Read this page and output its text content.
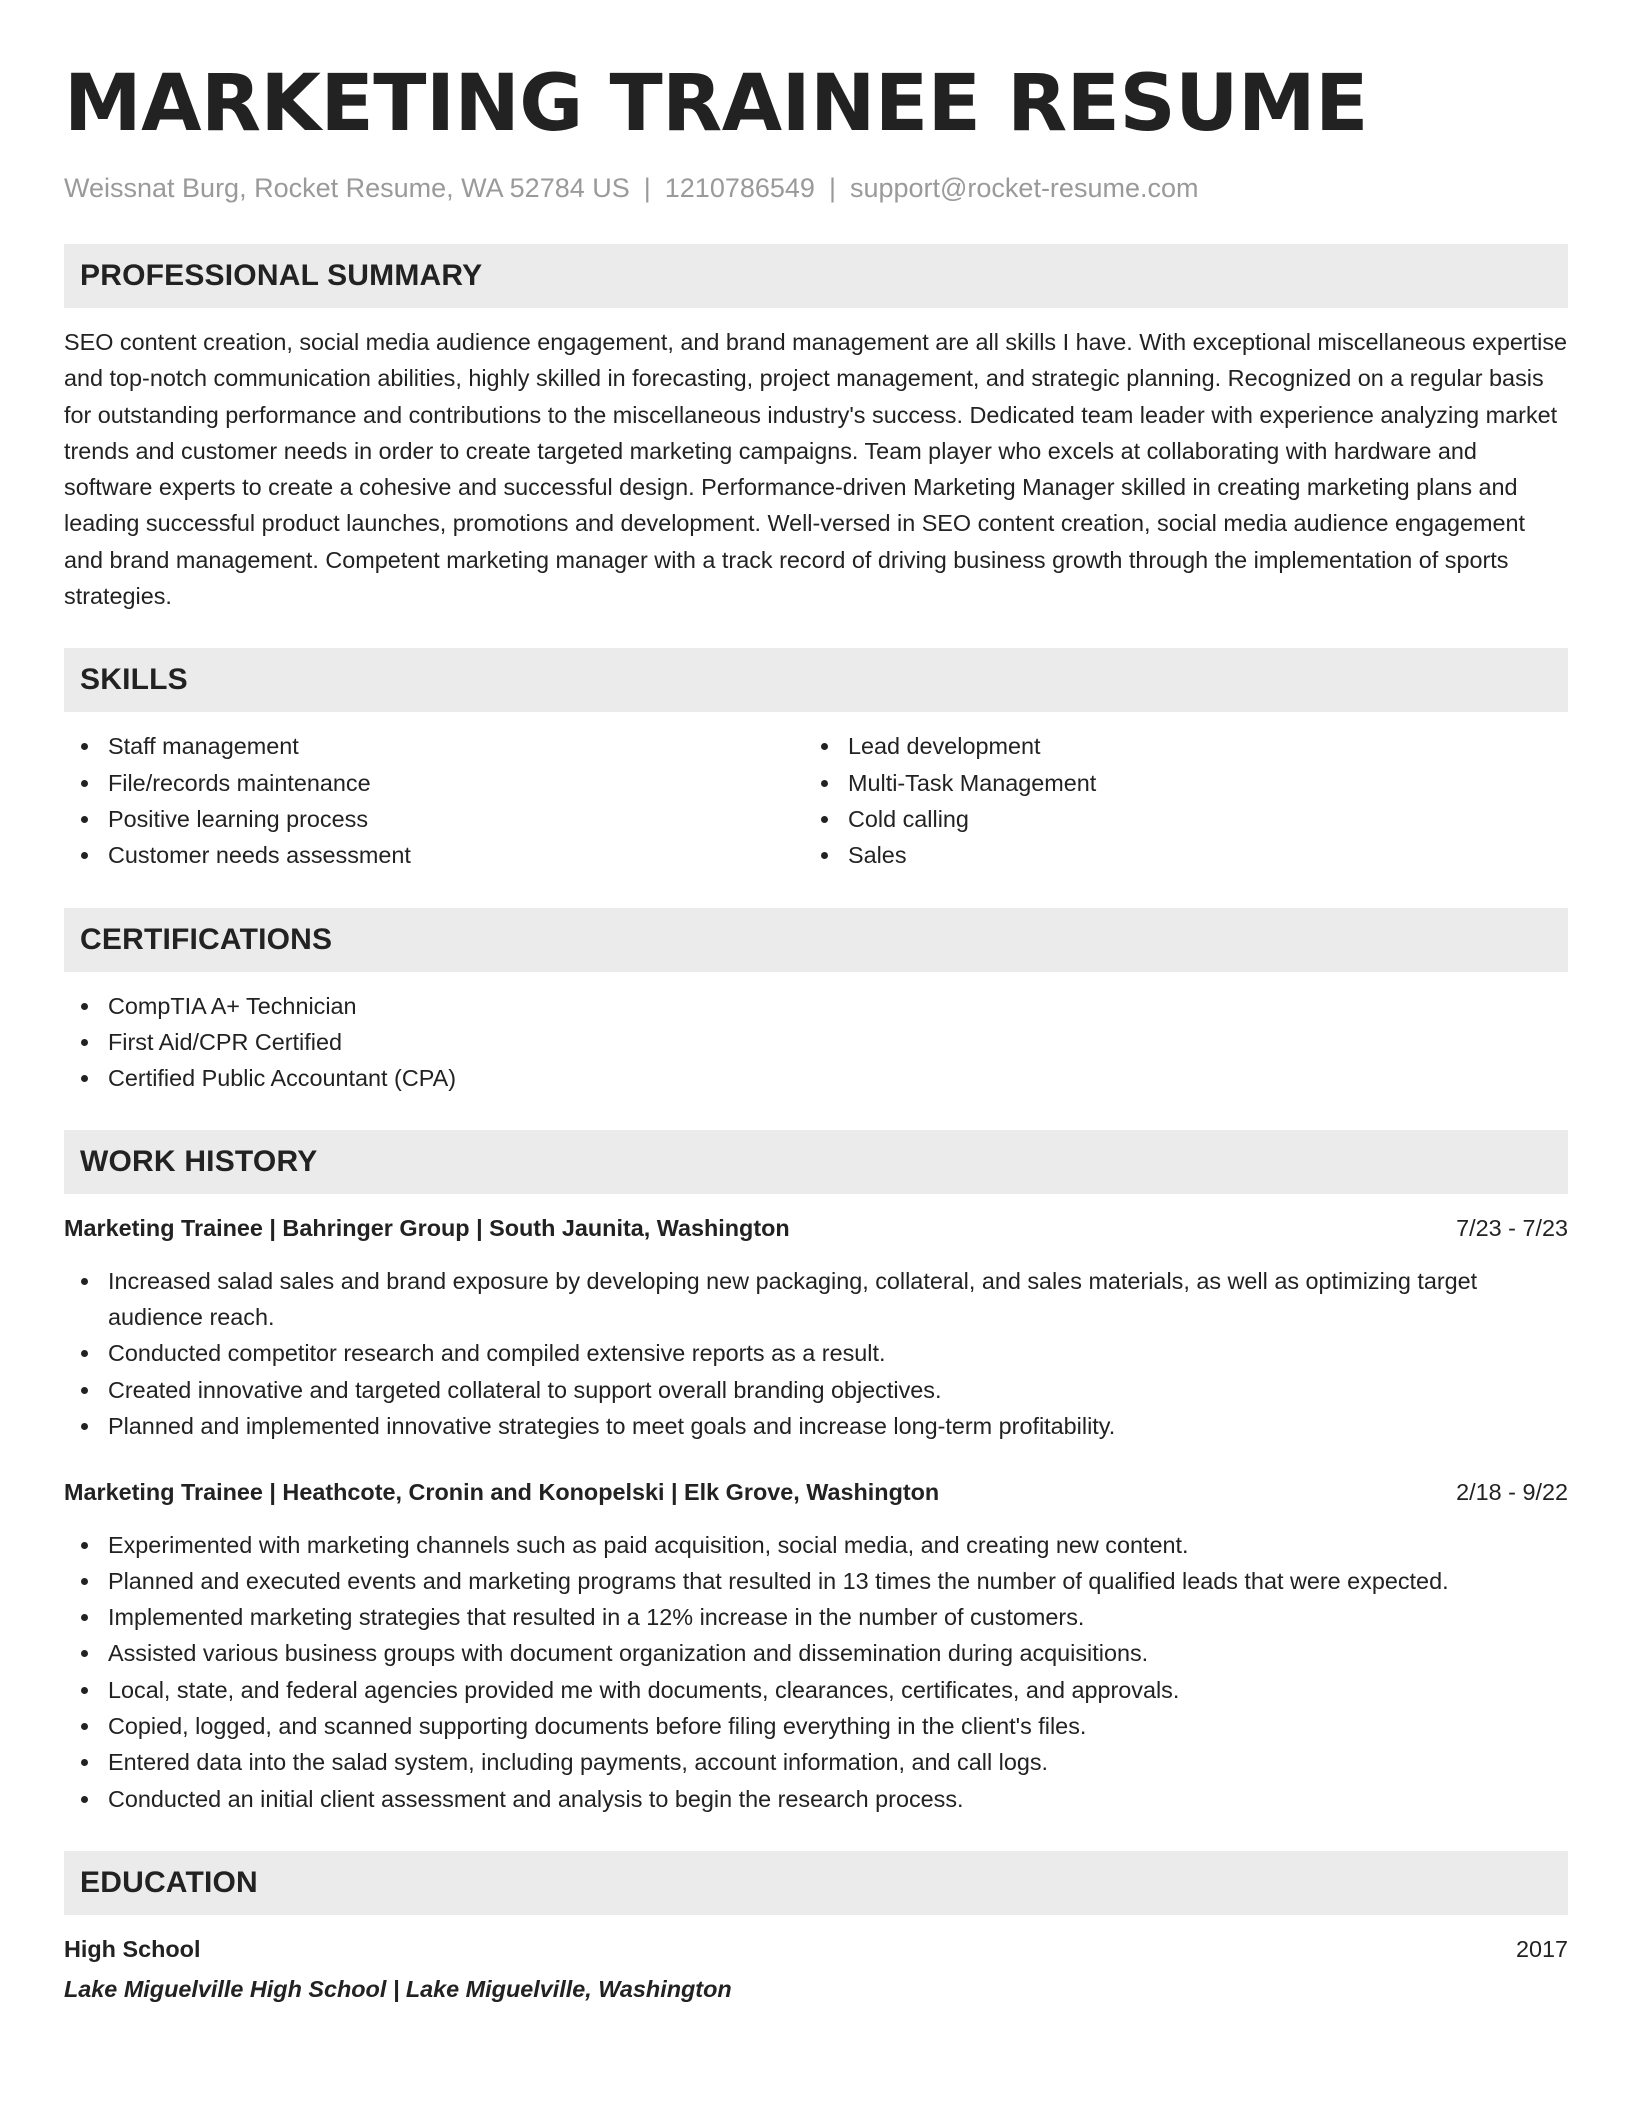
MARKETING TRAINEE RESUME
Weissnat Burg, Rocket Resume, WA 52784 US | 1210786549 | support@rocket-resume.com
PROFESSIONAL SUMMARY
SEO content creation, social media audience engagement, and brand management are all skills I have. With exceptional miscellaneous expertise and top-notch communication abilities, highly skilled in forecasting, project management, and strategic planning. Recognized on a regular basis for outstanding performance and contributions to the miscellaneous industry's success. Dedicated team leader with experience analyzing market trends and customer needs in order to create targeted marketing campaigns. Team player who excels at collaborating with hardware and software experts to create a cohesive and successful design. Performance-driven Marketing Manager skilled in creating marketing plans and leading successful product launches, promotions and development. Well-versed in SEO content creation, social media audience engagement and brand management. Competent marketing manager with a track record of driving business growth through the implementation of sports strategies.
SKILLS
Staff management
File/records maintenance
Positive learning process
Customer needs assessment
Lead development
Multi-Task Management
Cold calling
Sales
CERTIFICATIONS
CompTIA A+ Technician
First Aid/CPR Certified
Certified Public Accountant (CPA)
WORK HISTORY
Marketing Trainee | Bahringer Group | South Jaunita, Washington	7/23 - 7/23
Increased salad sales and brand exposure by developing new packaging, collateral, and sales materials, as well as optimizing target audience reach.
Conducted competitor research and compiled extensive reports as a result.
Created innovative and targeted collateral to support overall branding objectives.
Planned and implemented innovative strategies to meet goals and increase long-term profitability.
Marketing Trainee | Heathcote, Cronin and Konopelski | Elk Grove, Washington	2/18 - 9/22
Experimented with marketing channels such as paid acquisition, social media, and creating new content.
Planned and executed events and marketing programs that resulted in 13 times the number of qualified leads that were expected.
Implemented marketing strategies that resulted in a 12% increase in the number of customers.
Assisted various business groups with document organization and dissemination during acquisitions.
Local, state, and federal agencies provided me with documents, clearances, certificates, and approvals.
Copied, logged, and scanned supporting documents before filing everything in the client's files.
Entered data into the salad system, including payments, account information, and call logs.
Conducted an initial client assessment and analysis to begin the research process.
EDUCATION
High School	2017
Lake Miguelville High School | Lake Miguelville, Washington
